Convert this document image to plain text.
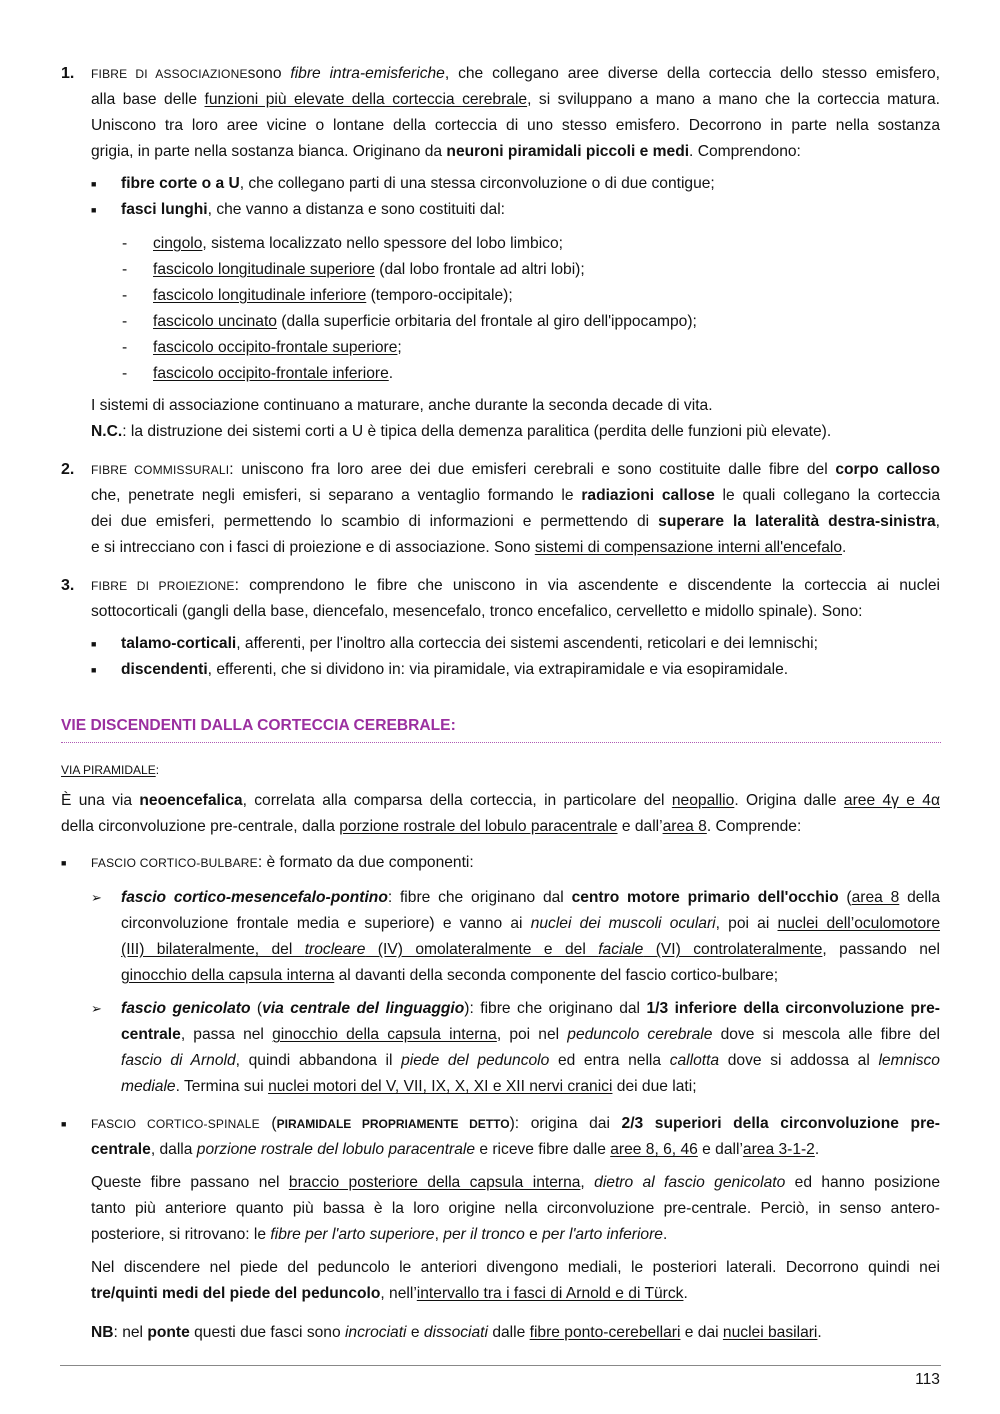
1. FIBRE DI ASSOCIAZIONEsono fibre intra-emisferiche, che collegano aree diverse della corteccia dello stesso emisfero,
alla base delle funzioni più elevate della corteccia cerebrale, si sviluppano a mano a mano che la corteccia matura.
Uniscono tra loro aree vicine o lontane della corteccia di uno stesso emisfero. Decorrono in parte nella sostanza
grigia, in parte nella sostanza bianca. Originano da neuroni piramidali piccoli e medi. Comprendono:
■ fibre corte o a U, che collegano parti di una stessa circonvoluzione o di due contigue;
■ fasci lunghi, che vanno a distanza e sono costituiti dal:
- cingolo, sistema localizzato nello spessore del lobo limbico;
- fascicolo longitudinale superiore (dal lobo frontale ad altri lobi);
- fascicolo longitudinale inferiore (temporo-occipitale);
- fascicolo uncinato (dalla superficie orbitaria del frontale al giro dell'ippocampo);
- fascicolo occipito-frontale superiore;
- fascicolo occipito-frontale inferiore.
I sistemi di associazione continuano a maturare, anche durante la seconda decade di vita.
N.C.: la distruzione dei sistemi corti a U è tipica della demenza paralitica (perdita delle funzioni più elevate).
2. FIBRE COMMISSURALI: uniscono fra loro aree dei due emisferi cerebrali e sono costituite dalle fibre del corpo calloso
che, penetrate negli emisferi, si separano a ventaglio formando le radiazioni callose le quali collegano la corteccia
dei due emisferi, permettendo lo scambio di informazioni e permettendo di superare la lateralità destra-sinistra,
e si intrecciano con i fasci di proiezione e di associazione. Sono sistemi di compensazione interni all'encefalo.
3. FIBRE DI PROIEZIONE: comprendono le fibre che uniscono in via ascendente e discendente la corteccia ai nuclei
sottocorticali (gangli della base, diencefalo, mesencefalo, tronco encefalico, cervelletto e midollo spinale). Sono:
■ talamo-corticali, afferenti, per l'inoltro alla corteccia dei sistemi ascendenti, reticolari e dei lemnischi;
■ discendenti, efferenti, che si dividono in: via piramidale, via extrapiramidale e via esopiramidale.
VIE DISCENDENTI DALLA CORTECCIA CEREBRALE:
VIA PIRAMIDALE:
È una via neoencefalica, correlata alla comparsa della corteccia, in particolare del neopallio. Origina dalle aree 4γ e 4α
della circonvoluzione pre-centrale, dalla porzione rostrale del lobulo paracentrale e dall’area 8. Comprende:
■ FASCIO CORTICO-BULBARE: è formato da due componenti:
➢ fascio cortico-mesencefalo-pontino: fibre che originano dal centro motore primario dell'occhio (area 8 della
circonvoluzione frontale media e superiore) e vanno ai nuclei dei muscoli oculari, poi ai nuclei dell’oculomotore
(III) bilateralmente, del trocleare (IV) omolateralmente e del faciale (VI) controlateralmente, passando nel
ginocchio della capsula interna al davanti della seconda componente del fascio cortico-bulbare;
➢ fascio genicolato (via centrale del linguaggio): fibre che originano dal 1/3 inferiore della circonvoluzione pre-
centrale, passa nel ginocchio della capsula interna, poi nel peduncolo cerebrale dove si mescola alle fibre del
fascio di Arnold, quindi abbandona il piede del peduncolo ed entra nella callotta dove si addossa al lemnisco
mediale. Termina sui nuclei motori del V, VII, IX, X, XI e XII nervi cranici dei due lati;
■ FASCIO CORTICO-SPINALE (PIRAMIDALE PROPRIAMENTE DETTO): origina dai 2/3 superiori della circonvoluzione pre-
centrale, dalla porzione rostrale del lobulo paracentrale e riceve fibre dalle aree 8, 6, 46 e dall’area 3-1-2.
Queste fibre passano nel braccio posteriore della capsula interna, dietro al fascio genicolato ed hanno posizione
tanto più anteriore quanto più bassa è la loro origine nella circonvoluzione pre-centrale. Perciò, in senso antero-
posteriore, si ritrovano: le fibre per l'arto superiore, per il tronco e per l'arto inferiore.
Nel discendere nel piede del peduncolo le anteriori divengono mediali, le posteriori laterali. Decorrono quindi nei
tre/quinti medi del piede del peduncolo, nell’intervallo tra i fasci di Arnold e di Türck.
NB: nel ponte questi due fasci sono incrociati e dissociati dalle fibre ponto-cerebellari e dai nuclei basilari.
113
